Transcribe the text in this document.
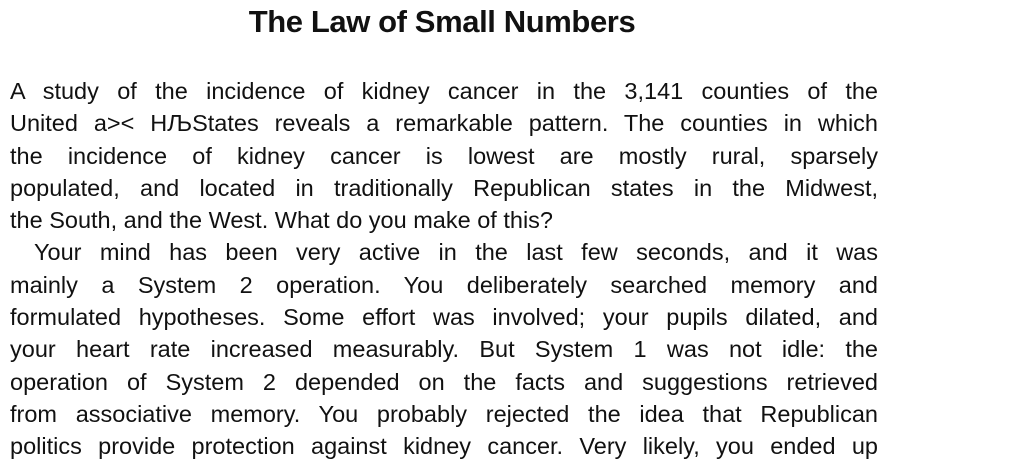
The Law of Small Numbers
A study of the incidence of kidney cancer in the 3,141 counties of the
United a>< НЉStates reveals a remarkable pattern. The counties in which
the incidence of kidney cancer is lowest are mostly rural, sparsely
populated, and located in traditionally Republican states in the Midwest,
the South, and the West. What do you make of this?
Your mind has been very active in the last few seconds, and it was
mainly a System 2 operation. You deliberately searched memory and
formulated hypotheses. Some effort was involved; your pupils dilated, and
your heart rate increased measurably. But System 1 was not idle: the
operation of System 2 depended on the facts and suggestions retrieved
from associative memory. You probably rejected the idea that Republican
politics provide protection against kidney cancer. Very likely, you ended up
